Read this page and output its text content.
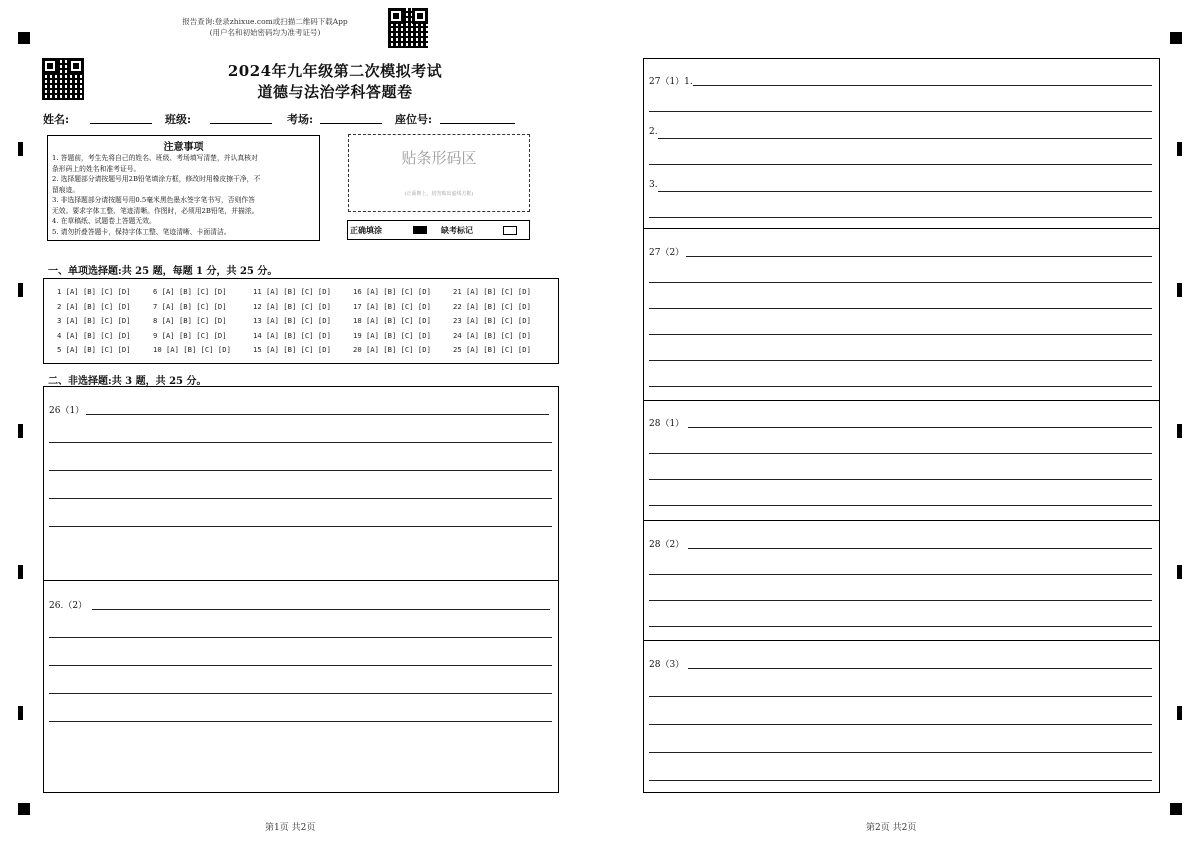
报告查询:登录zhixue.com或扫描二维码下载App
(用户名和初始密码均为准考证号)
2024年九年级第二次模拟考试
道德与法治学科答题卷
姓名:	班级:	考场:	座位号:
注意事项

1. 答题前，考生先将自己的姓名、班级、考场填写清楚，并认真核对

条形码上的姓名和准考证号。

2. 选择题部分请按题号用2B铅笔填涂方框，修改时用橡皮擦干净，不

留痕迹。

3. 非选择题部分请按题号用0.5毫米黑色墨水签字笔书写，否则作答

无效。要求字体工整、笔迹清晰。作图时，必须用2B铅笔，并描浓。

4. 在草稿纸、试题卷上答题无效。

5. 请勿折叠答题卡，保持字体工整、笔迹清晰、卡面清洁。

贴条形码区
(正面朝上，切勿贴出虚线方框)
正确填涂	缺考标记
一、单项选择题:共 25 题，每题 1 分，共 25 分。
1 [A] [B] [C] [D]
2 [A] [B] [C] [D]
3 [A] [B] [C] [D]
4 [A] [B] [C] [D]
5 [A] [B] [C] [D]
6 [A] [B] [C] [D]
7 [A] [B] [C] [D]
8 [A] [B] [C] [D]
9 [A] [B] [C] [D]
10 [A] [B] [C] [D]
11 [A] [B] [C] [D]
12 [A] [B] [C] [D]
13 [A] [B] [C] [D]
14 [A] [B] [C] [D]
15 [A] [B] [C] [D]
16 [A] [B] [C] [D]
17 [A] [B] [C] [D]
18 [A] [B] [C] [D]
19 [A] [B] [C] [D]
20 [A] [B] [C] [D]
21 [A] [B] [C] [D]
22 [A] [B] [C] [D]
23 [A] [B] [C] [D]
24 [A] [B] [C] [D]
25 [A] [B] [C] [D]
二、非选择题:共 3 题，共 25 分。
26（1）
26.（2）
第1页 共2页
27（1）1.
2.
3.
27（2）
28（1）
28（2）
28（3）
第2页 共2页
